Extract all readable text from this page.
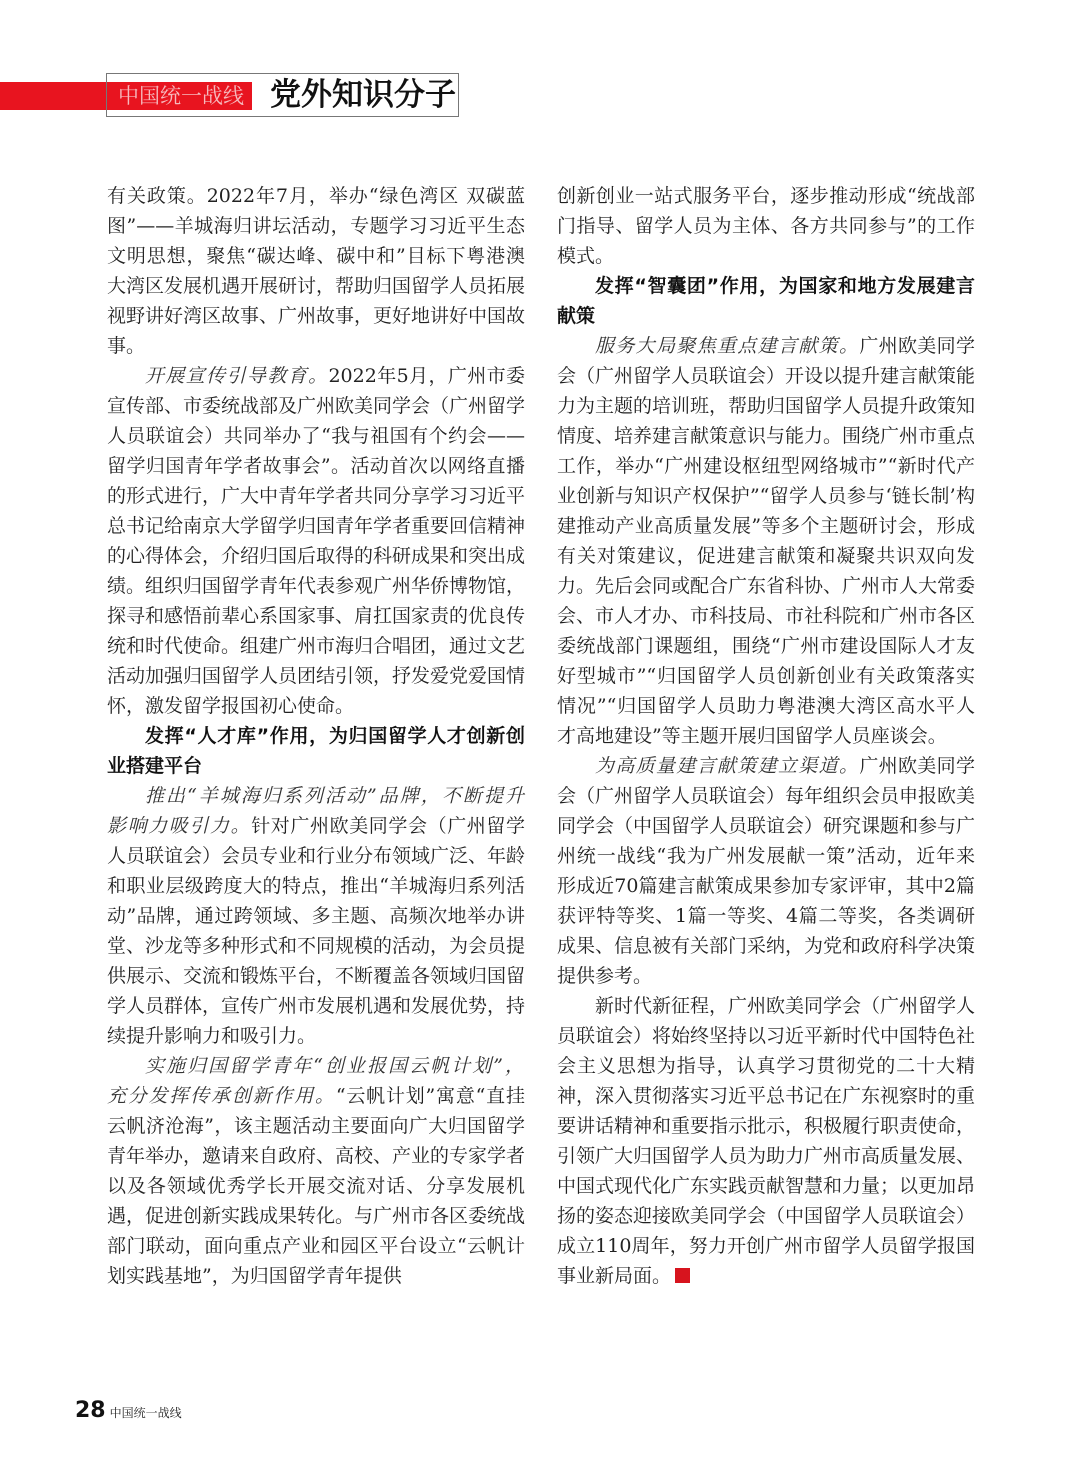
中国统一战线 党外知识分子

有关政策。2022年7月，举办“绿色湾区 双碳蓝图”——羊城海归讲坛活动，专题学习习近平生态文明思想，聚焦“碳达峰、碳中和”目标下粤港澳大湾区发展机遇开展研讨，帮助归国留学人员拓展视野讲好湾区故事、广州故事，更好地讲好中国故事。

开展宣传引导教育。2022年5月，广州市委宣传部、市委统战部及广州欧美同学会（广州留学人员联谊会）共同举办了“我与祖国有个约会——留学归国青年学者故事会”。活动首次以网络直播的形式进行，广大中青年学者共同分享学习习近平总书记给南京大学留学归国青年学者重要回信精神的心得体会，介绍归国后取得的科研成果和突出成绩。组织归国留学青年代表参观广州华侨博物馆，探寻和感悟前辈心系国家事、肩扛国家责的优良传统和时代使命。组建广州市海归合唱团，通过文艺活动加强归国留学人员团结引领，抒发爱党爱国情怀，激发留学报国初心使命。

发挥“人才库”作用，为归国留学人才创新创业搭建平台

推出“羊城海归系列活动”品牌，不断提升影响力吸引力。针对广州欧美同学会（广州留学人员联谊会）会员专业和行业分布领域广泛、年龄和职业层级跨度大的特点，推出“羊城海归系列活动”品牌，通过跨领域、多主题、高频次地举办讲堂、沙龙等多种形式和不同规模的活动，为会员提供展示、交流和锻炼平台，不断覆盖各领域归国留学人员群体，宣传广州市发展机遇和发展优势，持续提升影响力和吸引力。

实施归国留学青年“创业报国云帆计划”，充分发挥传承创新作用。“云帆计划”寓意“直挂云帆济沧海”，该主题活动主要面向广大归国留学青年举办，邀请来自政府、高校、产业的专家学者以及各领域优秀学长开展交流对话、分享发展机遇，促进创新实践成果转化。与广州市各区委统战部门联动，面向重点产业和园区平台设立“云帆计划实践基地”，为归国留学青年提供

创新创业一站式服务平台，逐步推动形成“统战部门指导、留学人员为主体、各方共同参与”的工作模式。

发挥“智囊团”作用，为国家和地方发展建言献策

服务大局聚焦重点建言献策。广州欧美同学会（广州留学人员联谊会）开设以提升建言献策能力为主题的培训班，帮助归国留学人员提升政策知情度、培养建言献策意识与能力。围绕广州市重点工作，举办“广州建设枢纽型网络城市”“新时代产业创新与知识产权保护”“留学人员参与‘链长制’构建推动产业高质量发展”等多个主题研讨会，形成有关对策建议，促进建言献策和凝聚共识双向发力。先后会同或配合广东省科协、广州市人大常委会、市人才办、市科技局、市社科院和广州市各区委统战部门课题组，围绕“广州市建设国际人才友好型城市”“归国留学人员创新创业有关政策落实情况”“归国留学人员助力粤港澳大湾区高水平人才高地建设”等主题开展归国留学人员座谈会。

为高质量建言献策建立渠道。广州欧美同学会（广州留学人员联谊会）每年组织会员申报欧美同学会（中国留学人员联谊会）研究课题和参与广州统一战线“我为广州发展献一策”活动，近年来形成近70篇建言献策成果参加专家评审，其中2篇获评特等奖、1篇一等奖、4篇二等奖，各类调研成果、信息被有关部门采纳，为党和政府科学决策提供参考。

新时代新征程，广州欧美同学会（广州留学人员联谊会）将始终坚持以习近平新时代中国特色社会主义思想为指导，认真学习贯彻党的二十大精神，深入贯彻落实习近平总书记在广东视察时的重要讲话精神和重要指示批示，积极履行职责使命，引领广大归国留学人员为助力广州市高质量发展、中国式现代化广东实践贡献智慧和力量；以更加昂扬的姿态迎接欧美同学会（中国留学人员联谊会）成立110周年，努力开创广州市留学人员留学报国事业新局面。

28 中国统一战线
